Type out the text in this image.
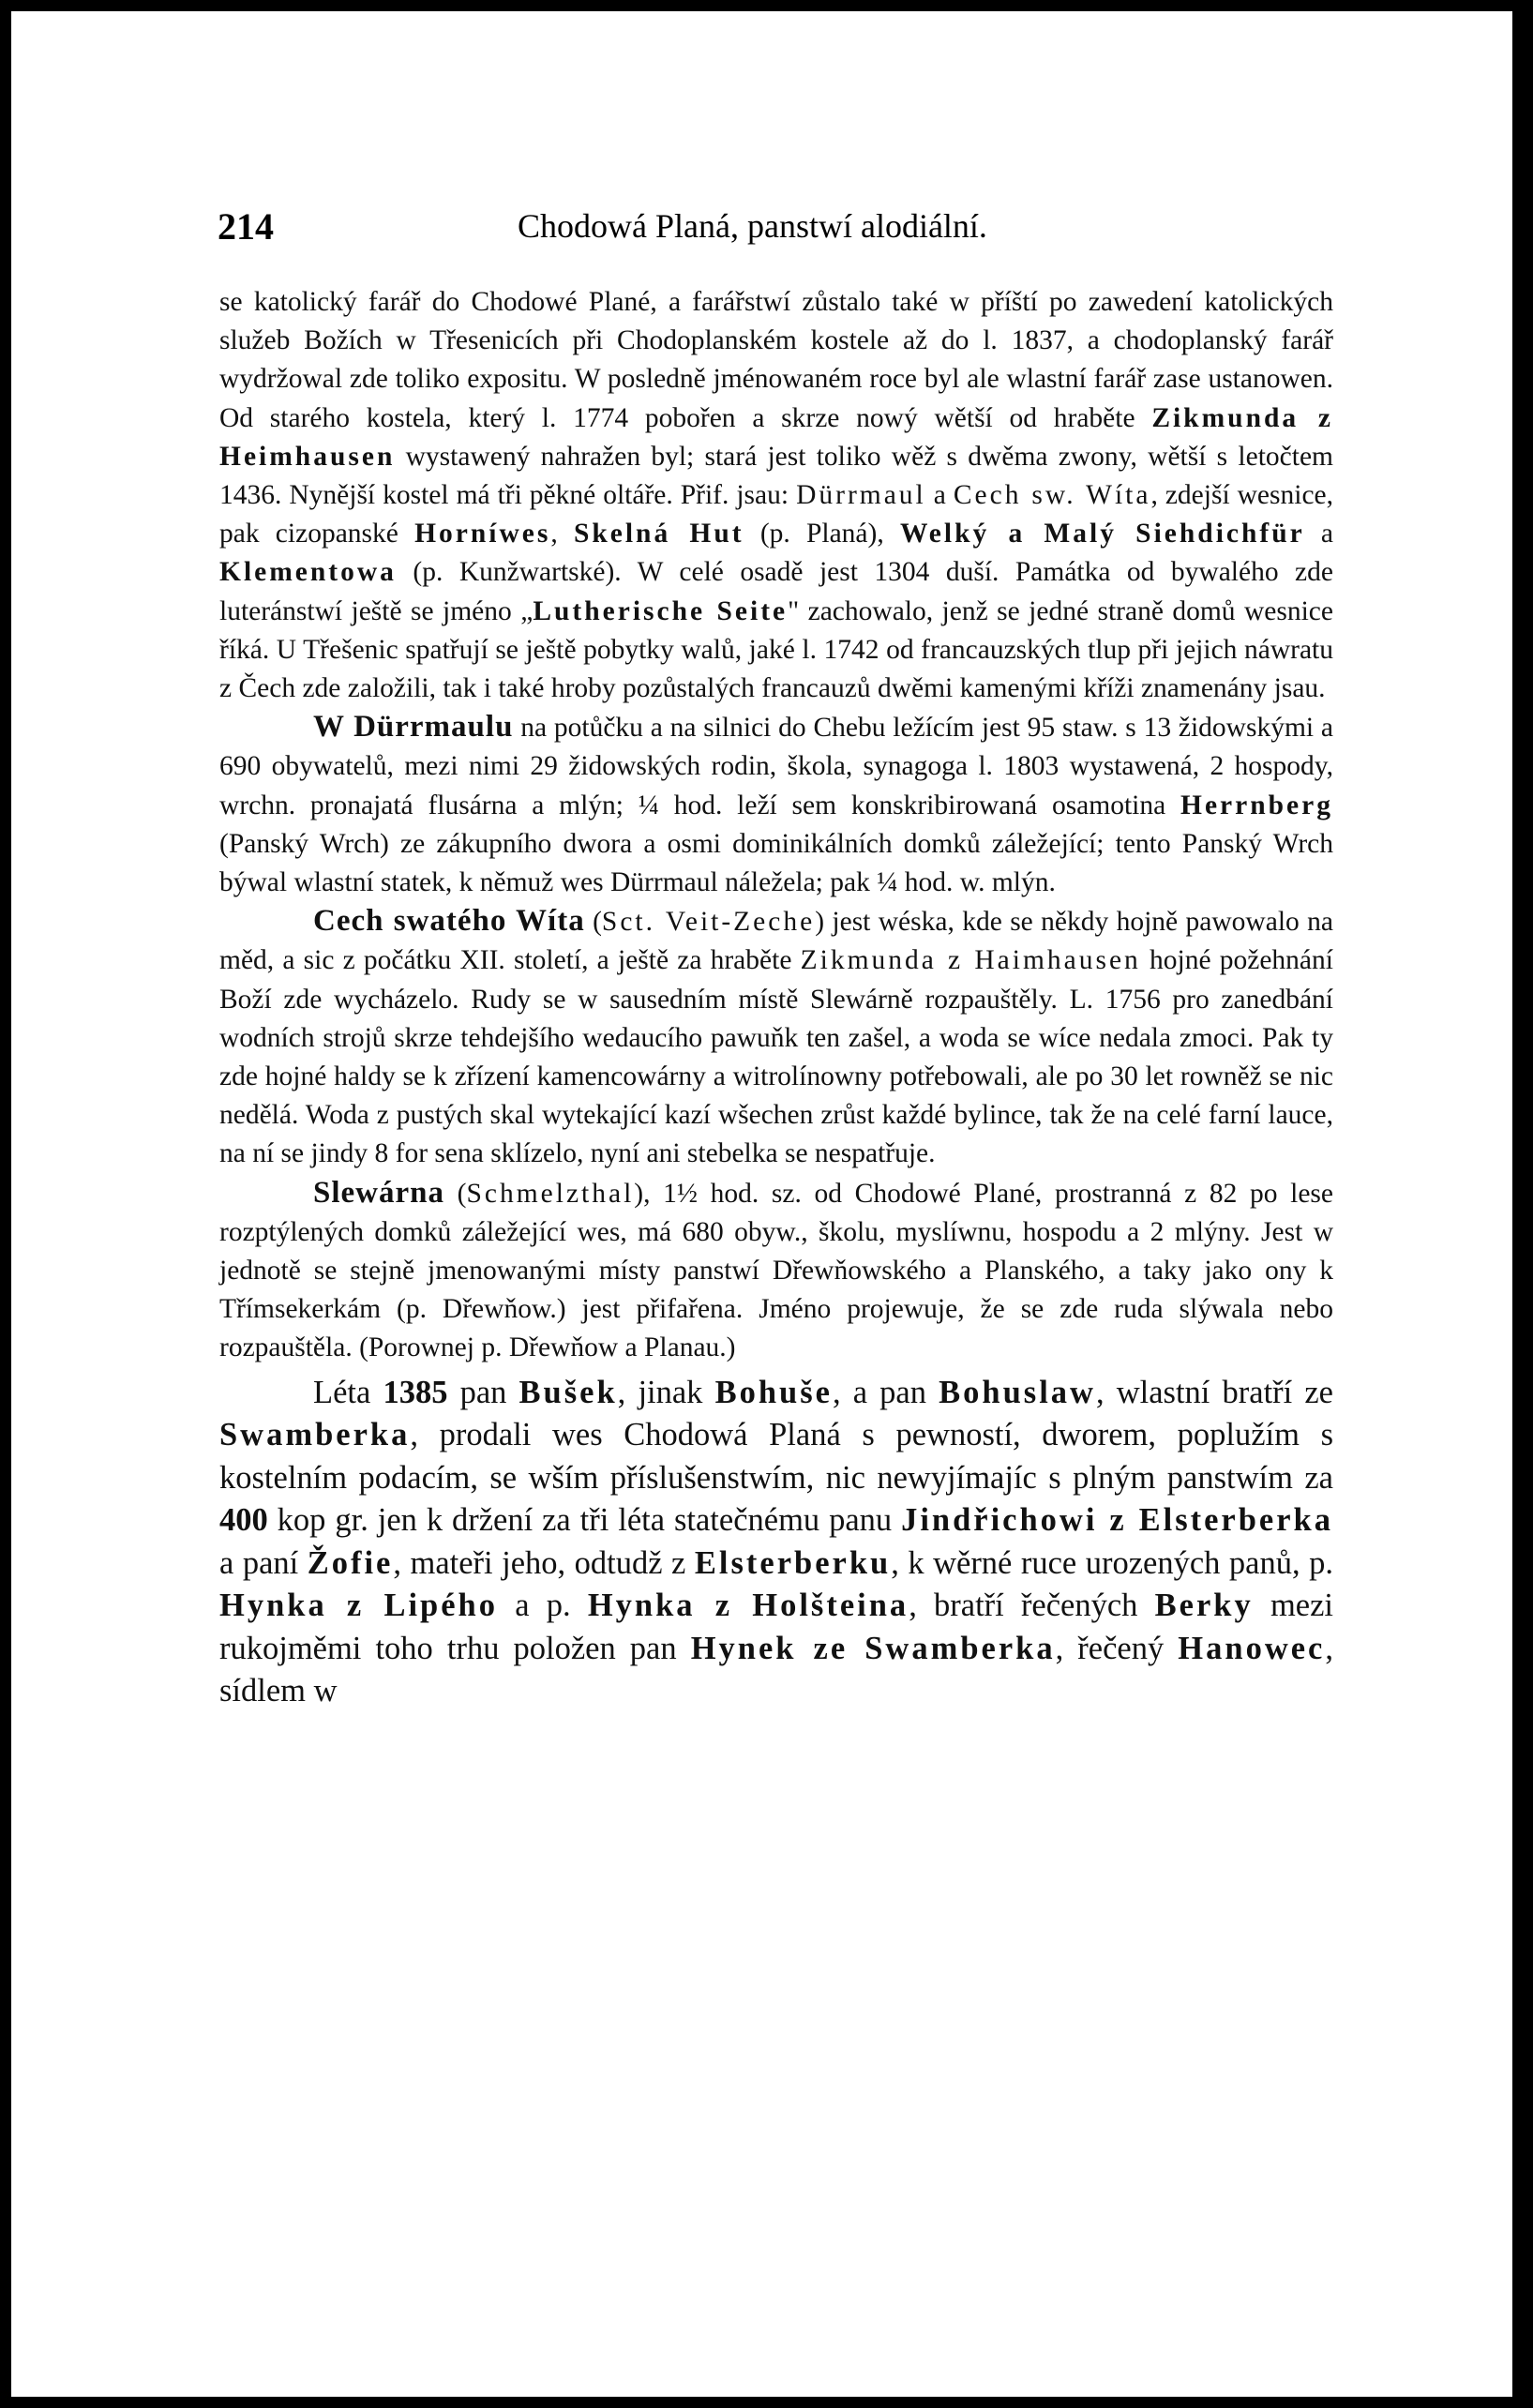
214	Chodowá Planá, panstwí alodiální.

se katolický farář do Chodowé Plané, a farářstwí zůstalo také w příští po zawedení katolických služeb Božích w Třesenicích při Chodoplanském kostele až do l. 1837, a chodoplanský farář wydržowal zde toliko expositu. W posledně jménowaném roce byl ale wlastní farář zase ustanowen. Od starého kostela, který l. 1774 pobořen a skrze nowý wětší od hraběte Zikmunda z Heimhausen wystawený nahražen byl; stará jest toliko wěž s dwěma zwony, wětší s letočtem 1436. Nynější kostel má tři pěkné oltáře. Přif. jsau: Dürrmaul a Cech sw. Wíta, zdejší wesnice, pak cizopanské Horníwes, Skelná Hut (p. Planá), Welký a Malý Siehdichfür a Klementowa (p. Kunžwartské). W celé osadě jest 1304 duší. Památka od bywalého zde luteránstwí ještě se jméno „Lutherische Seite" zachowalo, jenž se jedné straně domů wesnice říká. U Třešenic spatřují se ještě pobytky walů, jaké l. 1742 od francauzských tlup při jejich náwratu z Čech zde založili, tak i také hroby pozůstalých francauzů dwěmi kamenými kříži znamenány jsau.

W Dürrmaulu na potůčku a na silnici do Chebu ležícím jest 95 staw. s 13 židowskými a 690 obywatelů, mezi nimi 29 židowských rodin, škola, synagoga l. 1803 wystawená, 2 hospody, wrchn. pronajatá flusárna a mlýn; ¼ hod. leží sem konskribirowaná osamotina Herrnberg (Panský Wrch) ze zákupního dwora a osmi dominikálních domků záležející; tento Panský Wrch býwal wlastní statek, k němuž wes Dürrmaul náležela; pak ¼ hod. w. mlýn.

Cech swatého Wíta (Sct. Veit-Zeche) jest wéska, kde se někdy hojně pawowalo na měd, a sic z počátku XII. století, a ještě za hraběte Zikmunda z Haimhausen hojné požehnání Boží zde wycházelo. Rudy se w sausedním místě Slewárně rozpauštěly. L. 1756 pro zanedbání wodních strojů skrze tehdejšího wedaucího pawuňk ten zašel, a woda se wíce nedala zmoci. Pak ty zde hojné haldy se k zřízení kamencowárny a witrolínowny potřebowali, ale po 30 let rowněž se nic nedělá. Woda z pustých skal wytekající kazí wšechen zrůst každé bylince, tak že na celé farní lauce, na ní se jindy 8 for sena sklízelo, nyní ani stebelka se nespatřuje.

Slewárna (Schmelzthal), 1½ hod. sz. od Chodowé Plané, prostranná z 82 po lese rozptýlených domků záležející wes, má 680 obyw., školu, myslíwnu, hospodu a 2 mlýny. Jest w jednotě se stejně jmenowanými místy panstwí Dřewňowského a Planského, a taky jako ony k Třímsekerkám (p. Dřewňow.) jest přifařena. Jméno projewuje, že se zde ruda slýwala nebo rozpauštěla. (Porownej p. Dřewňow a Planau.)

Léta 1385 pan Bušek, jinak Bohuše, a pan Bohuslaw, wlastní bratří ze Swamberka, prodali wes Chodowá Planá s pewností, dworem, poplužím s kostelním podacím, se wším příslušenstwím, nic newyjímajíc s plným panstwím za 400 kop gr. jen k držení za tři léta statečnému panu Jindřichowi z Elsterberka a paní Žofie, mateři jeho, odtudž z Elsterberku, k wěrné ruce urozených panů, p. Hynka z Lipého a p. Hynka z Holšteina, bratří řečených Berky mezi rukojměmi toho trhu položen pan Hynek ze Swamberka, řečený Hanowec, sídlem w
